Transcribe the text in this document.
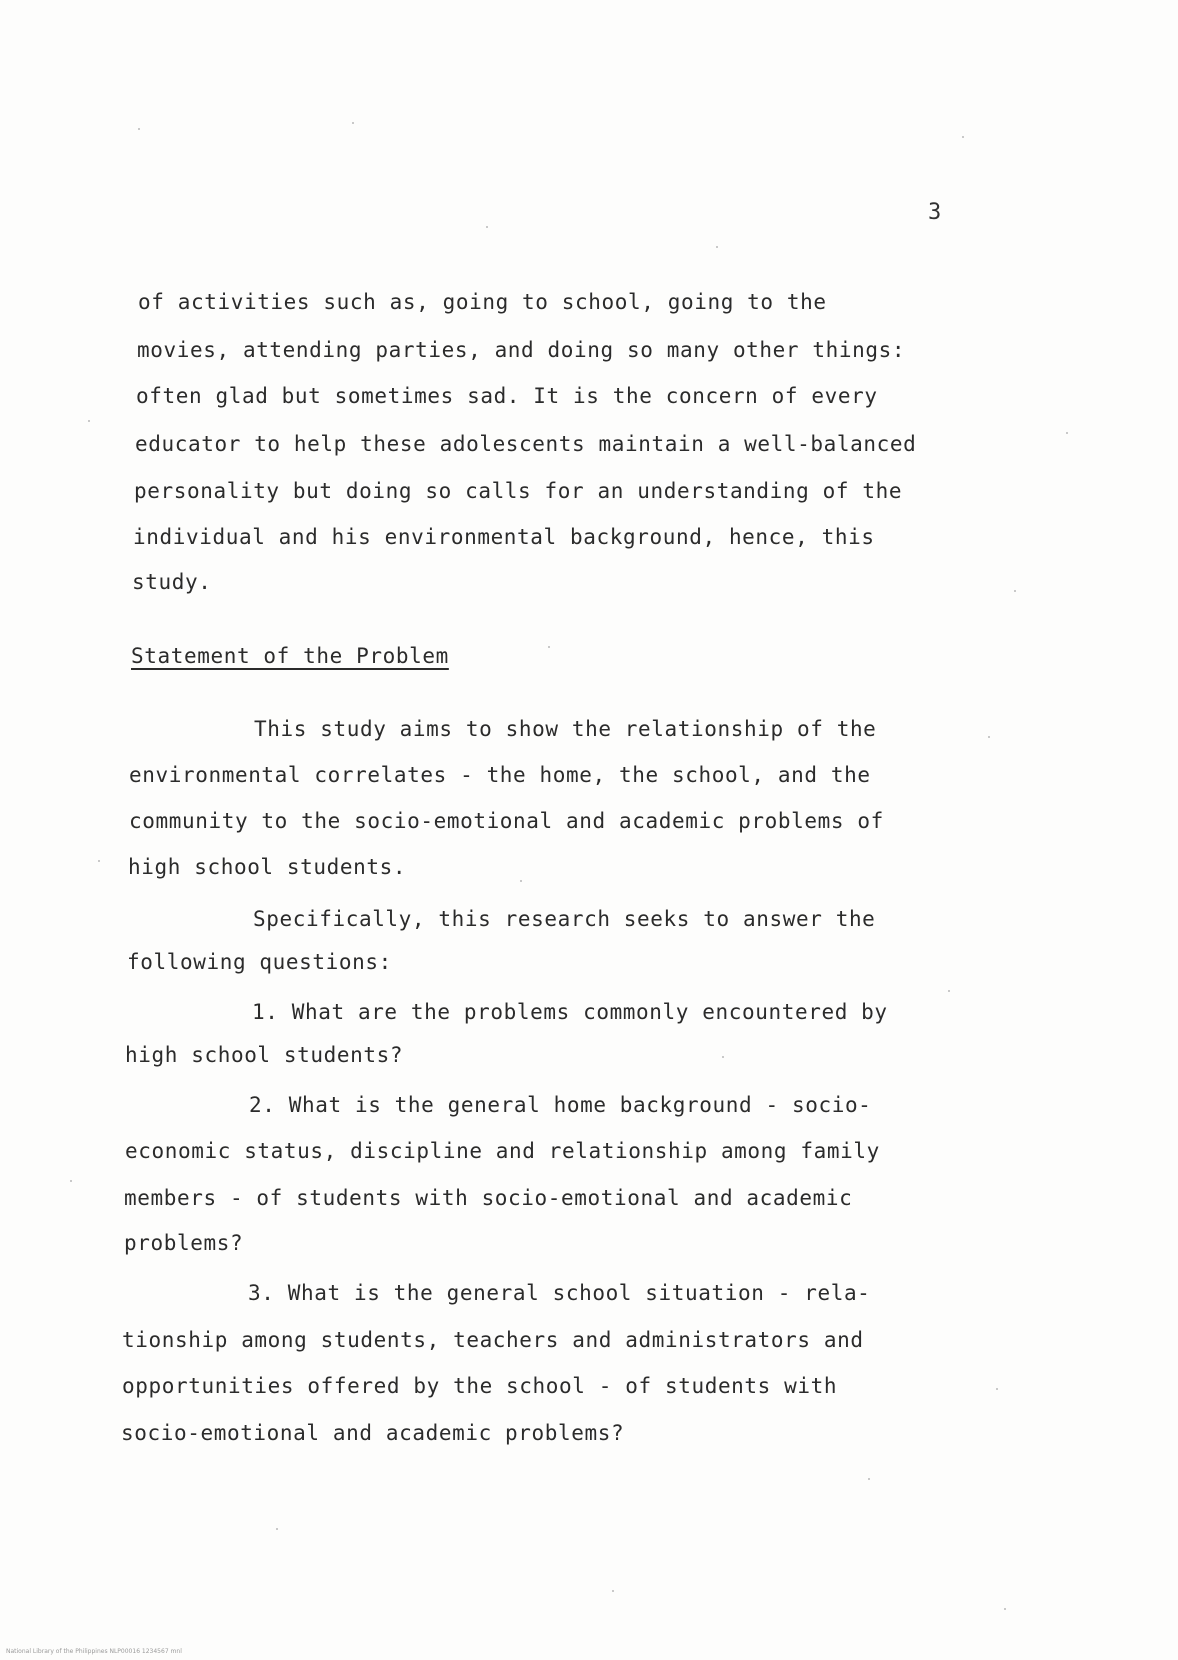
3
of activities such as, going to school, going to the
movies, attending parties, and doing so many other things:
often glad but sometimes sad. It is the concern of every
educator to help these adolescents maintain a well-balanced
personality but doing so calls for an understanding of the
individual and his environmental background, hence, this
study.
Statement of the Problem
This study aims to show the relationship of the
environmental correlates - the home, the school, and the
community to the socio-emotional and academic problems of
high school students.
Specifically, this research seeks to answer the
following questions:
1. What are the problems commonly encountered by
high school students?
2. What is the general home background - socio-
economic status, discipline and relationship among family
members - of students with socio-emotional and academic
problems?
3. What is the general school situation - rela-
tionship among students, teachers and administrators and
opportunities offered by the school - of students with
socio-emotional and academic problems?
National Library of the Philippines NLP00016 1234567 mnl
